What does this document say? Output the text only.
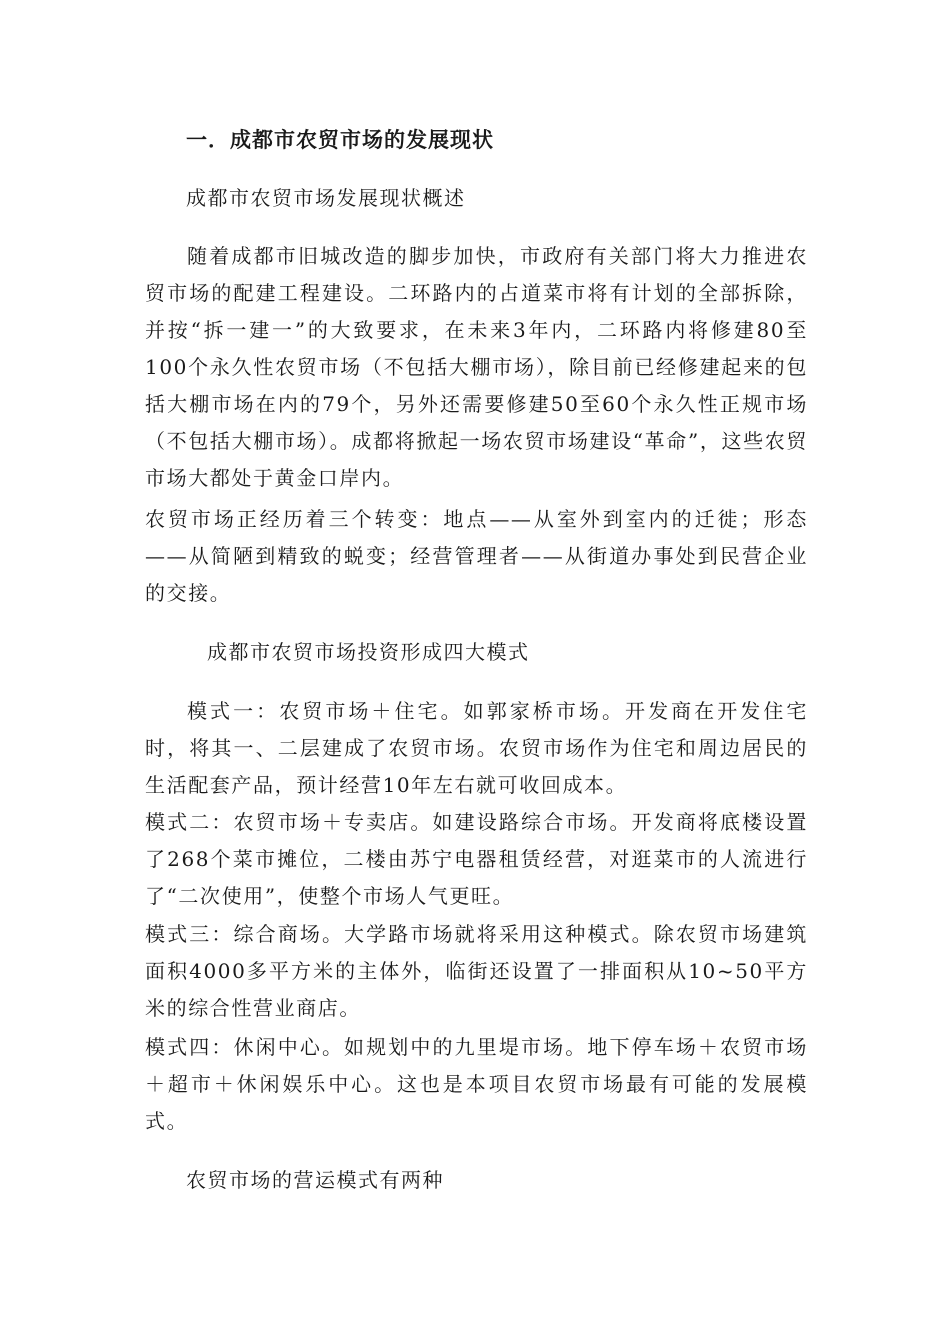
一．成都市农贸市场的发展现状
成都市农贸市场发展现状概述

随着成都市旧城改造的脚步加快，市政府有关部门将大力推进农贸市场的配建工程建设。二环路内的占道菜市将有计划的全部拆除，并按“拆一建一”的大致要求，在未来3年内，二环路内将修建80至100个永久性农贸市场（不包括大棚市场），除目前已经修建起来的包括大棚市场在内的79个，另外还需要修建50至60个永久性正规市场（不包括大棚市场）。成都将掀起一场农贸市场建设“革命”，这些农贸市场大都处于黄金口岸内。

农贸市场正经历着三个转变：地点——从室外到室内的迁徙；形态——从简陋到精致的蜕变；经营管理者——从街道办事处到民营企业的交接。

成都市农贸市场投资形成四大模式

模式一：农贸市场＋住宅。如郭家桥市场。开发商在开发住宅时，将其一、二层建成了农贸市场。农贸市场作为住宅和周边居民的生活配套产品，预计经营10年左右就可收回成本。

模式二：农贸市场＋专卖店。如建设路综合市场。开发商将底楼设置了268个菜市摊位，二楼由苏宁电器租赁经营，对逛菜市的人流进行了“二次使用”，使整个市场人气更旺。

模式三：综合商场。大学路市场就将采用这种模式。除农贸市场建筑面积4000多平方米的主体外，临街还设置了一排面积从10~50平方米的综合性营业商店。

模式四：休闲中心。如规划中的九里堤市场。地下停车场＋农贸市场＋超市＋休闲娱乐中心。这也是本项目农贸市场最有可能的发展模式。

农贸市场的营运模式有两种
